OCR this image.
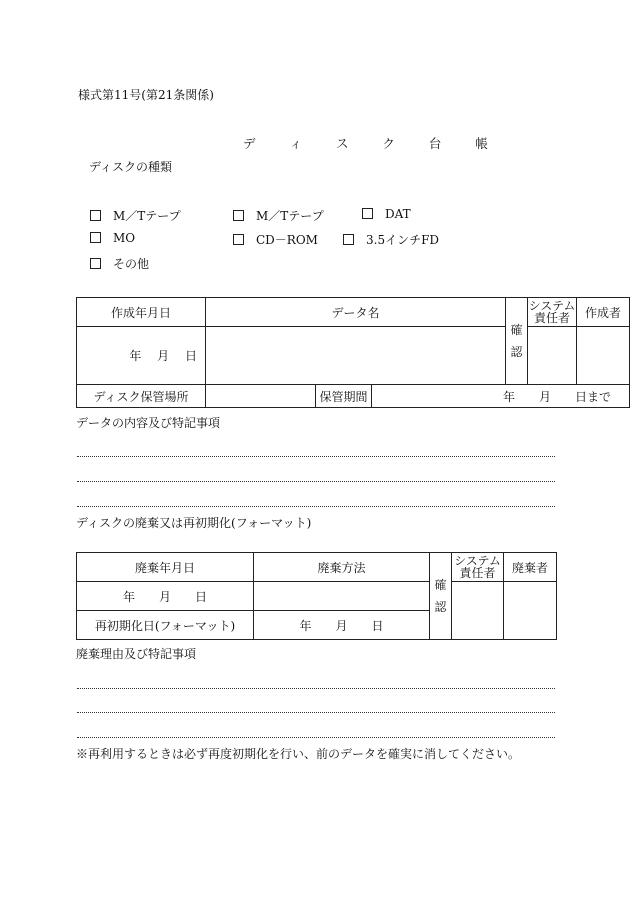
様式第11号(第21条関係)
デ ィ ス ク 台 帳
ディスクの種類
M／Tテープ	M／Tテープ	DAT
MO	CD－ROM	3.5インチFD
その他
作成年月日	データ名			確認	システム責任者	作成者
年　 月　 日						
ディスク保管場所		保管期間	年　　月　　日まで			
データの内容及び特記事項
ディスクの廃棄又は再初期化(フォーマット)
廃棄年月日	廃棄方法	確認	システム責任者	廃棄者
年　　月　　日				
再初期化日(フォーマット)	年　　月　　日			
廃棄理由及び特記事項
※再利用するときは必ず再度初期化を行い、前のデータを確実に消してください。
